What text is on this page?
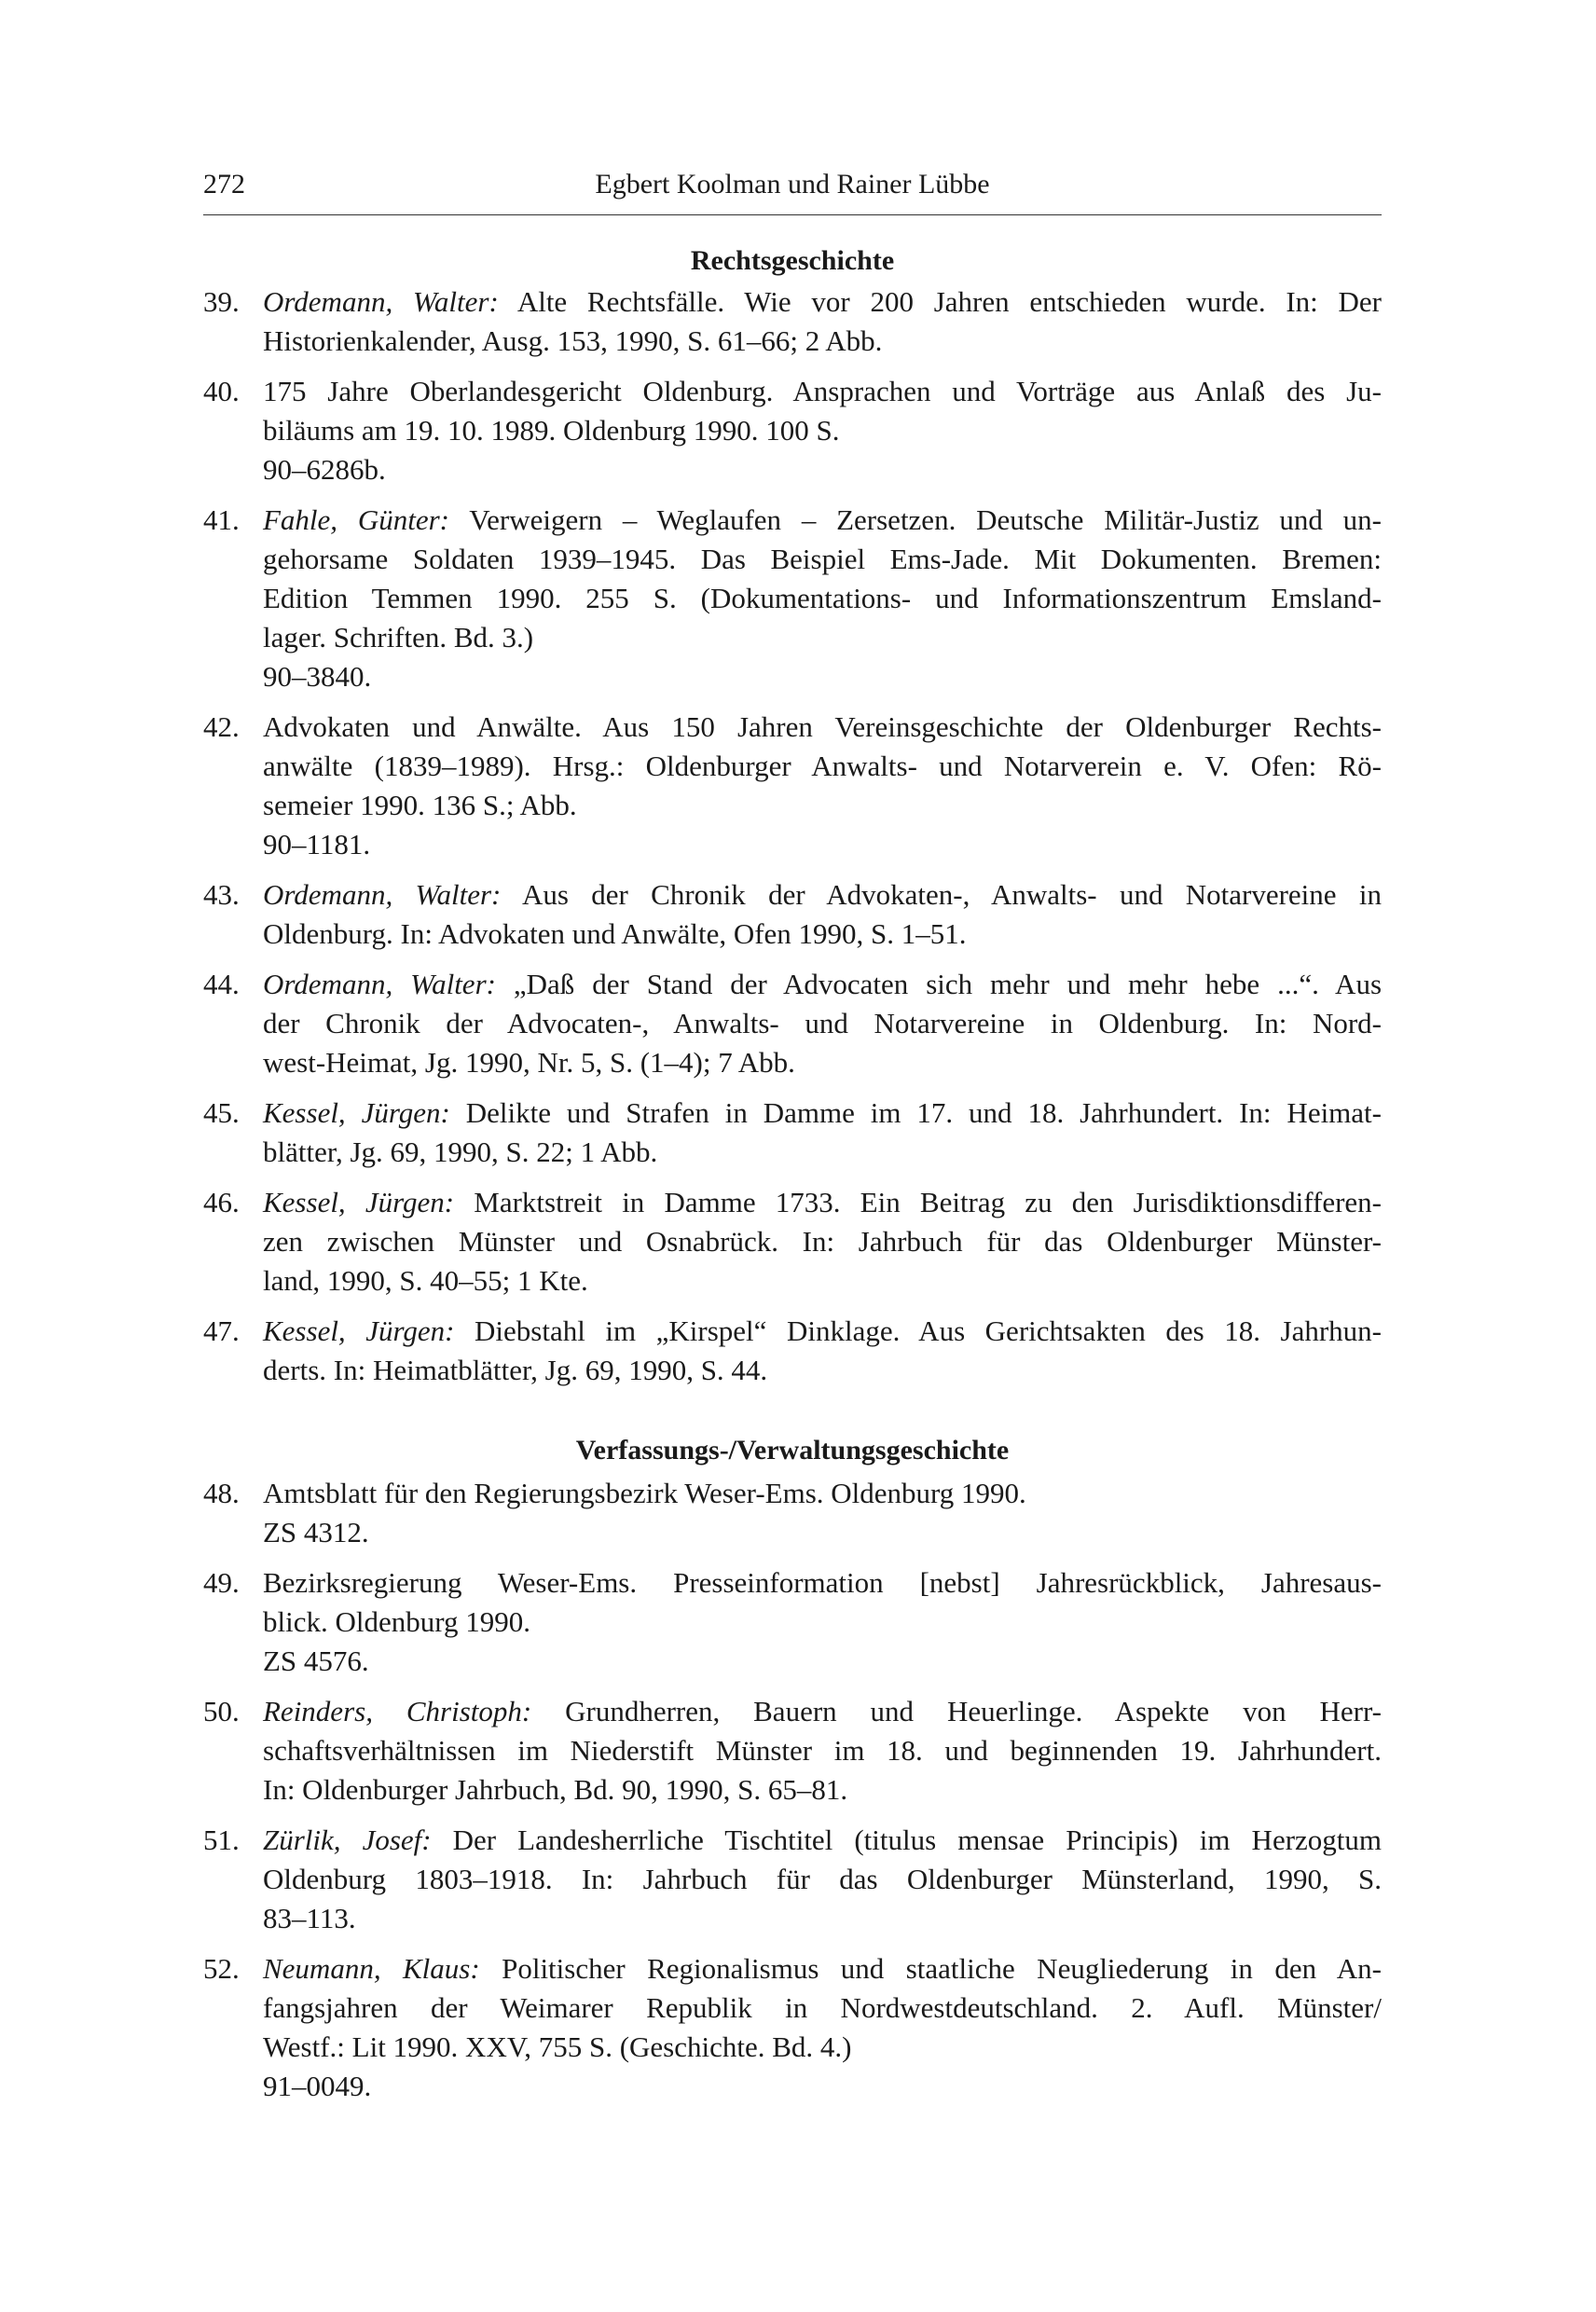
272	Egbert Koolman und Rainer Lübbe
Rechtsgeschichte
39. Ordemann, Walter: Alte Rechtsfälle. Wie vor 200 Jahren entschieden wurde. In: Der
Historienkalender, Ausg. 153, 1990, S. 61–66; 2 Abb.
40. 175 Jahre Oberlandesgericht Oldenburg. Ansprachen und Vorträge aus Anlaß des Ju-
biläums am 19. 10. 1989. Oldenburg 1990. 100 S.
90–6286b.
41. Fahle, Günter: Verweigern – Weglaufen – Zersetzen. Deutsche Militär-Justiz und un-
gehorsame Soldaten 1939–1945. Das Beispiel Ems-Jade. Mit Dokumenten. Bremen:
Edition Temmen 1990. 255 S. (Dokumentations- und Informationszentrum Emsland-
lager. Schriften. Bd. 3.)
90–3840.
42. Advokaten und Anwälte. Aus 150 Jahren Vereinsgeschichte der Oldenburger Rechts-
anwälte (1839–1989). Hrsg.: Oldenburger Anwalts- und Notarverein e. V. Ofen: Rö-
semeier 1990. 136 S.; Abb.
90–1181.
43. Ordemann, Walter: Aus der Chronik der Advokaten-, Anwalts- und Notarvereine in
Oldenburg. In: Advokaten und Anwälte, Ofen 1990, S. 1–51.
44. Ordemann, Walter: „Daß der Stand der Advocaten sich mehr und mehr hebe ...“. Aus
der Chronik der Advocaten-, Anwalts- und Notarvereine in Oldenburg. In: Nord-
west-Heimat, Jg. 1990, Nr. 5, S. (1–4); 7 Abb.
45. Kessel, Jürgen: Delikte und Strafen in Damme im 17. und 18. Jahrhundert. In: Heimat-
blätter, Jg. 69, 1990, S. 22; 1 Abb.
46. Kessel, Jürgen: Marktstreit in Damme 1733. Ein Beitrag zu den Jurisdiktionsdifferen-
zen zwischen Münster und Osnabrück. In: Jahrbuch für das Oldenburger Münster-
land, 1990, S. 40–55; 1 Kte.
47. Kessel, Jürgen: Diebstahl im „Kirspel“ Dinklage. Aus Gerichtsakten des 18. Jahrhun-
derts. In: Heimatblätter, Jg. 69, 1990, S. 44.
Verfassungs-/Verwaltungsgeschichte
48. Amtsblatt für den Regierungsbezirk Weser-Ems. Oldenburg 1990.
ZS 4312.
49. Bezirksregierung Weser-Ems. Presseinformation [nebst] Jahresrückblick, Jahresaus-
blick. Oldenburg 1990.
ZS 4576.
50. Reinders, Christoph: Grundherren, Bauern und Heuerlinge. Aspekte von Herr-
schaftsverhältnissen im Niederstift Münster im 18. und beginnenden 19. Jahrhundert.
In: Oldenburger Jahrbuch, Bd. 90, 1990, S. 65–81.
51. Zürlik, Josef: Der Landesherrliche Tischtitel (titulus mensae Principis) im Herzogtum
Oldenburg 1803–1918. In: Jahrbuch für das Oldenburger Münsterland, 1990, S.
83–113.
52. Neumann, Klaus: Politischer Regionalismus und staatliche Neugliederung in den An-
fangsjahren der Weimarer Republik in Nordwestdeutschland. 2. Aufl. Münster/
Westf.: Lit 1990. XXV, 755 S. (Geschichte. Bd. 4.)
91–0049.
